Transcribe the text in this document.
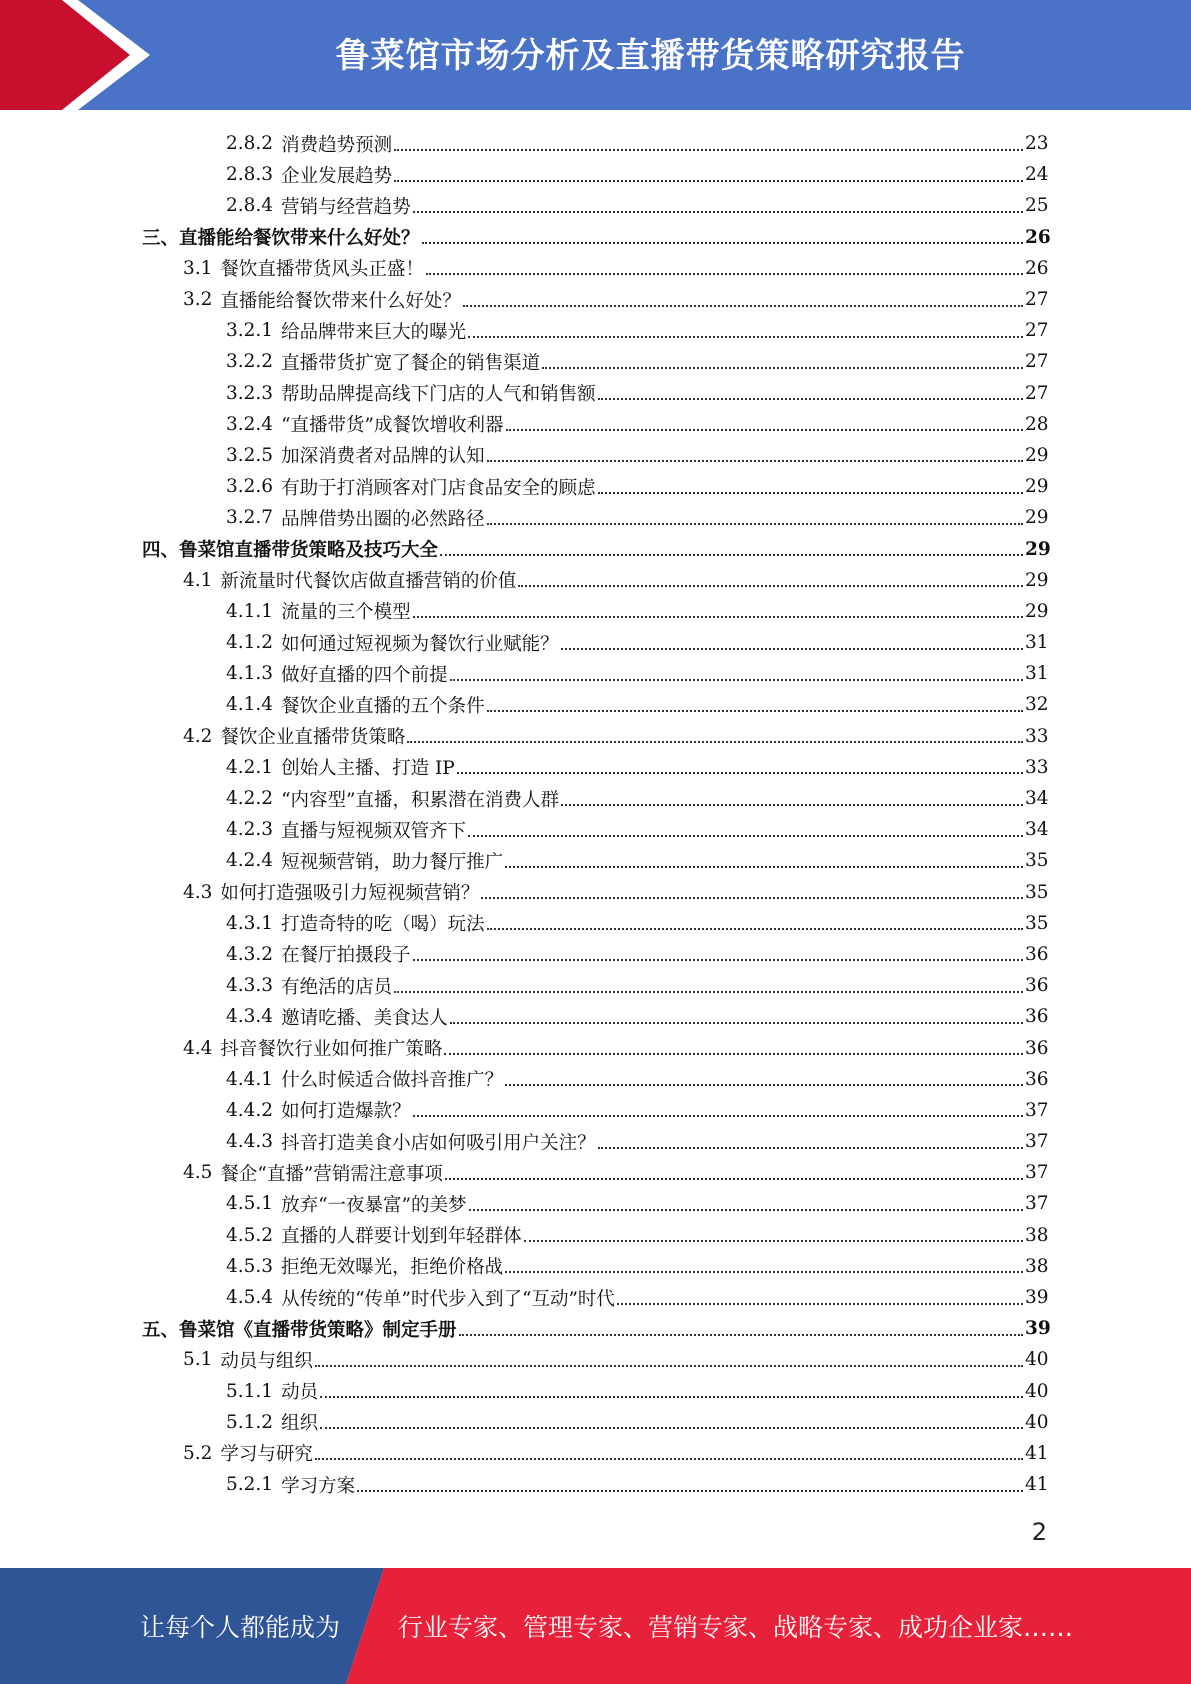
鲁菜馆市场分析及直播带货策略研究报告
2.8.2 消费趋势预测	23
2.8.3 企业发展趋势	24
2.8.4 营销与经营趋势	25
三、 直播能给餐饮带来什么好处？	26
3.1 餐饮直播带货风头正盛！	26
3.2 直播能给餐饮带来什么好处？	27
3.2.1 给品牌带来巨大的曝光	27
3.2.2 直播带货扩宽了餐企的销售渠道	27
3.2.3 帮助品牌提高线下门店的人气和销售额	27
3.2.4 “直播带货”成餐饮增收利器	28
3.2.5 加深消费者对品牌的认知	29
3.2.6 有助于打消顾客对门店食品安全的顾虑	29
3.2.7 品牌借势出圈的必然路径	29
四、 鲁菜馆直播带货策略及技巧大全	29
4.1 新流量时代餐饮店做直播营销的价值	29
4.1.1 流量的三个模型	29
4.1.2 如何通过短视频为餐饮行业赋能？	31
4.1.3 做好直播的四个前提	31
4.1.4 餐饮企业直播的五个条件	32
4.2 餐饮企业直播带货策略	33
4.2.1 创始人主播、打造 IP	33
4.2.2 “内容型”直播，积累潜在消费人群	34
4.2.3 直播与短视频双管齐下	34
4.2.4 短视频营销，助力餐厅推广	35
4.3 如何打造强吸引力短视频营销？	35
4.3.1 打造奇特的吃（喝）玩法	35
4.3.2 在餐厅拍摄段子	36
4.3.3 有绝活的店员	36
4.3.4 邀请吃播、美食达人	36
4.4 抖音餐饮行业如何推广策略	36
4.4.1 什么时候适合做抖音推广？	36
4.4.2 如何打造爆款？	37
4.4.3 抖音打造美食小店如何吸引用户关注？	37
4.5 餐企“直播”营销需注意事项	37
4.5.1 放弃“一夜暴富”的美梦	37
4.5.2 直播的人群要计划到年轻群体	38
4.5.3 拒绝无效曝光，拒绝价格战	38
4.5.4 从传统的“传单”时代步入到了“互动”时代	39
五、 鲁菜馆《直播带货策略》制定手册	39
5.1 动员与组织	40
5.1.1 动员	40
5.1.2 组织	40
5.2 学习与研究	41
5.2.1 学习方案	41
2
让每个人都能成为 行业专家、管理专家、营销专家、战略专家、成功企业家……
